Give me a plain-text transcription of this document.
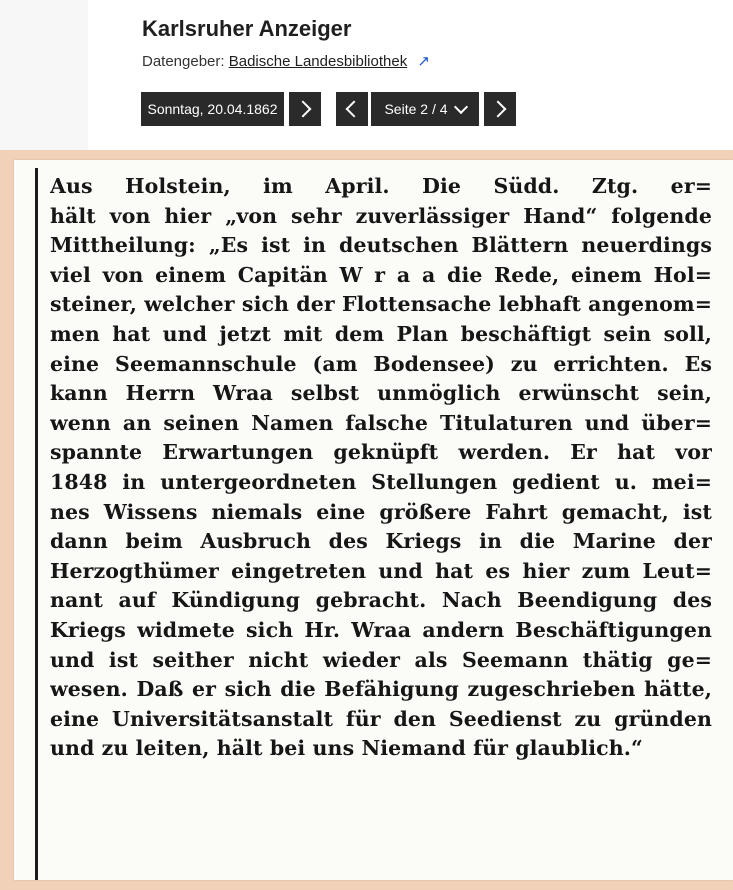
Karlsruher Anzeiger
Datengeber: Badische Landesbibliothek ↗
Sonntag, 20.04.1862	Seite 2 / 4
Aus Holstein, im April. Die Südd. Ztg. er=
hält von hier „von sehr zuverlässiger Hand“ folgende
Mittheilung: „Es ist in deutschen Blättern neuerdings
viel von einem Capitän W r a a die Rede, einem Hol=
steiner, welcher sich der Flottensache lebhaft angenom=
men hat und jetzt mit dem Plan beschäftigt sein soll,
eine Seemannschule (am Bodensee) zu errichten. Es
kann Herrn Wraa selbst unmöglich erwünscht sein,
wenn an seinen Namen falsche Titulaturen und über=
spannte Erwartungen geknüpft werden. Er hat vor
1848 in untergeordneten Stellungen gedient u. mei=
nes Wissens niemals eine größere Fahrt gemacht, ist
dann beim Ausbruch des Kriegs in die Marine der
Herzogthümer eingetreten und hat es hier zum Leut=
nant auf Kündigung gebracht. Nach Beendigung des
Kriegs widmete sich Hr. Wraa andern Beschäftigungen
und ist seither nicht wieder als Seemann thätig ge=
wesen. Daß er sich die Befähigung zugeschrieben hätte,
eine Universitätsanstalt für den Seedienst zu gründen
und zu leiten, hält bei uns Niemand für glaublich.“
